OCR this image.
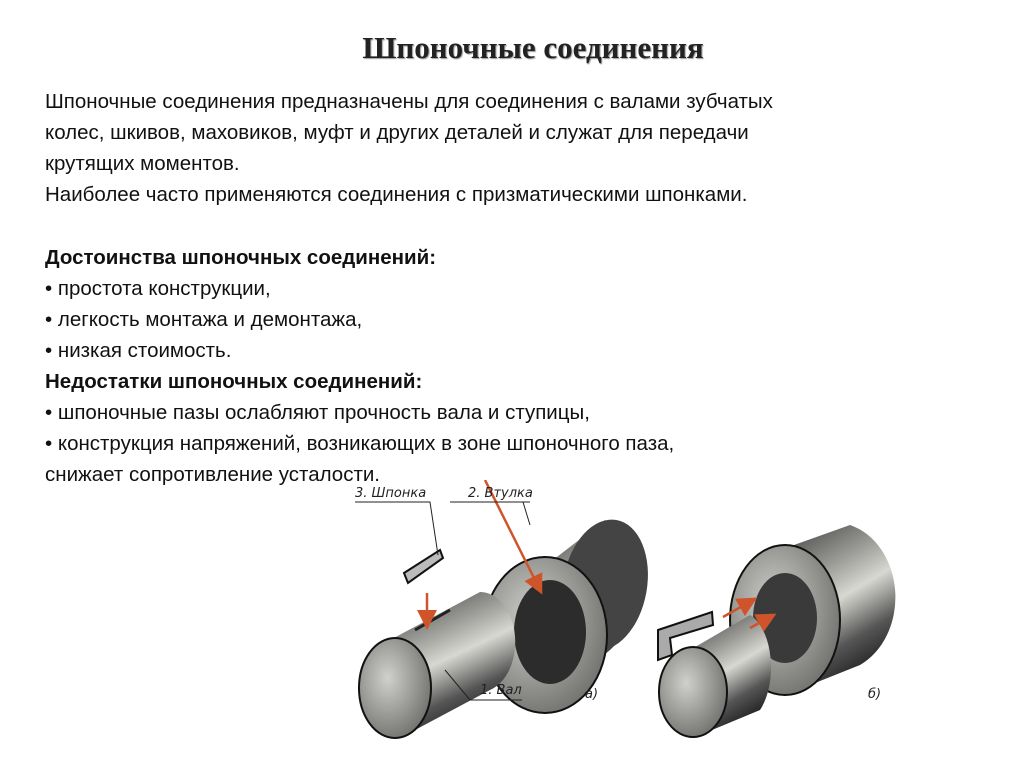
Шпоночные соединения
Шпоночные соединения предназначены для соединения с валами зубчатых
колес, шкивов, маховиков, муфт и других деталей и служат для передачи
крутящих моментов.
Наиболее часто применяются соединения с призматическими шпонками.
Достоинства шпоночных соединений:
• простота конструкции,
• легкость монтажа и демонтажа,
• низкая стоимость.
Недостатки шпоночных соединений:
• шпоночные пазы ослабляют прочность вала и ступицы,
• конструкция напряжений, возникающих в зоне шпоночного паза,
снижает сопротивление усталости.
3. Шпонка	2. Втулка
1. Вал	а)	б)
